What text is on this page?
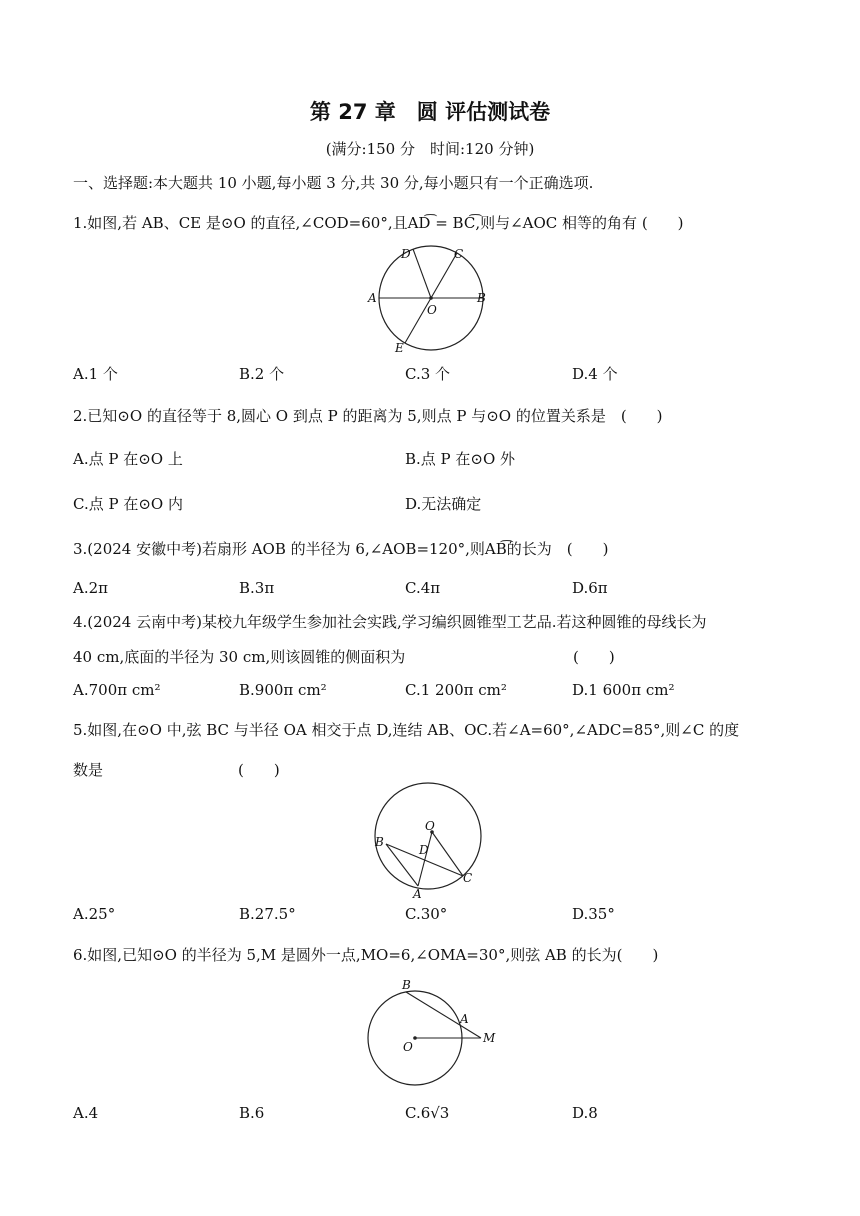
第 27 章　圆 评估测试卷
(满分:150 分　时间:120 分钟)
一、选择题:本大题共 10 小题,每小题 3 分,共 30 分,每小题只有一个正确选项.
1.如图,若 AB、CE 是⊙O 的直径,∠COD=60°,且AD͡ = BC͡,则与∠AOC 相等的角有 (　　)
D	C
A	B
O
E
A.1 个	B.2 个	C.3 个	D.4 个
2.已知⊙O 的直径等于 8,圆心 O 到点 P 的距离为 5,则点 P 与⊙O 的位置关系是　(　　)
A.点 P 在⊙O 上	B.点 P 在⊙O 外
C.点 P 在⊙O 内	D.无法确定
3.(2024 安徽中考)若扇形 AOB 的半径为 6,∠AOB=120°,则AB͡的长为　(　　)
A.2π	B.3π	C.4π	D.6π
4.(2024 云南中考)某校九年级学生参加社会实践,学习编织圆锥型工艺品.若这种圆锥的母线长为
40 cm,底面的半径为 30 cm,则该圆锥的侧面积为	(　　)
A.700π cm²	B.900π cm²	C.1 200π cm²	D.1 600π cm²
5.如图,在⊙O 中,弦 BC 与半径 OA 相交于点 D,连结 AB、OC.若∠A=60°,∠ADC=85°,则∠C 的度
数是	(　　)
O
B
D
A
C
A.25°	B.27.5°	C.30°	D.35°
6.如图,已知⊙O 的半径为 5,M 是圆外一点,MO=6,∠OMA=30°,则弦 AB 的长为(　　)
B
A
O
M
A.4	B.6	C.6√3	D.8
